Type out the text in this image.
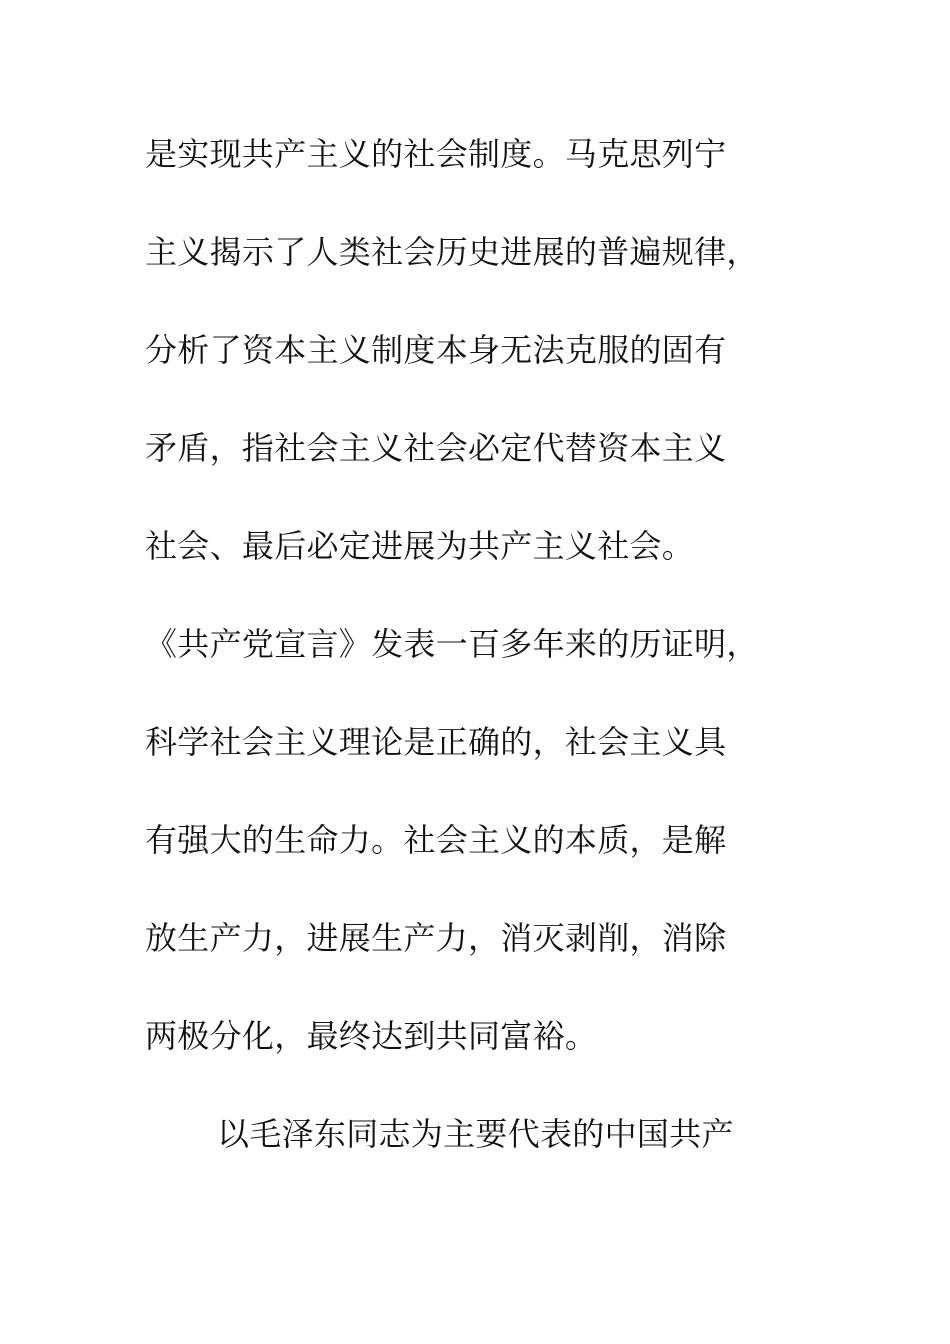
是实现共产主义的社会制度。马克思列宁
主义揭示了人类社会历史进展的普遍规律，
分析了资本主义制度本身无法克服的固有
矛盾，指社会主义社会必定代替资本主义
社会、最后必定进展为共产主义社会。
《共产党宣言》发表一百多年来的历证明，
科学社会主义理论是正确的，社会主义具
有强大的生命力。社会主义的本质，是解
放生产力，进展生产力，消灭剥削，消除
两极分化，最终达到共同富裕。
以毛泽东同志为主要代表的中国共产
